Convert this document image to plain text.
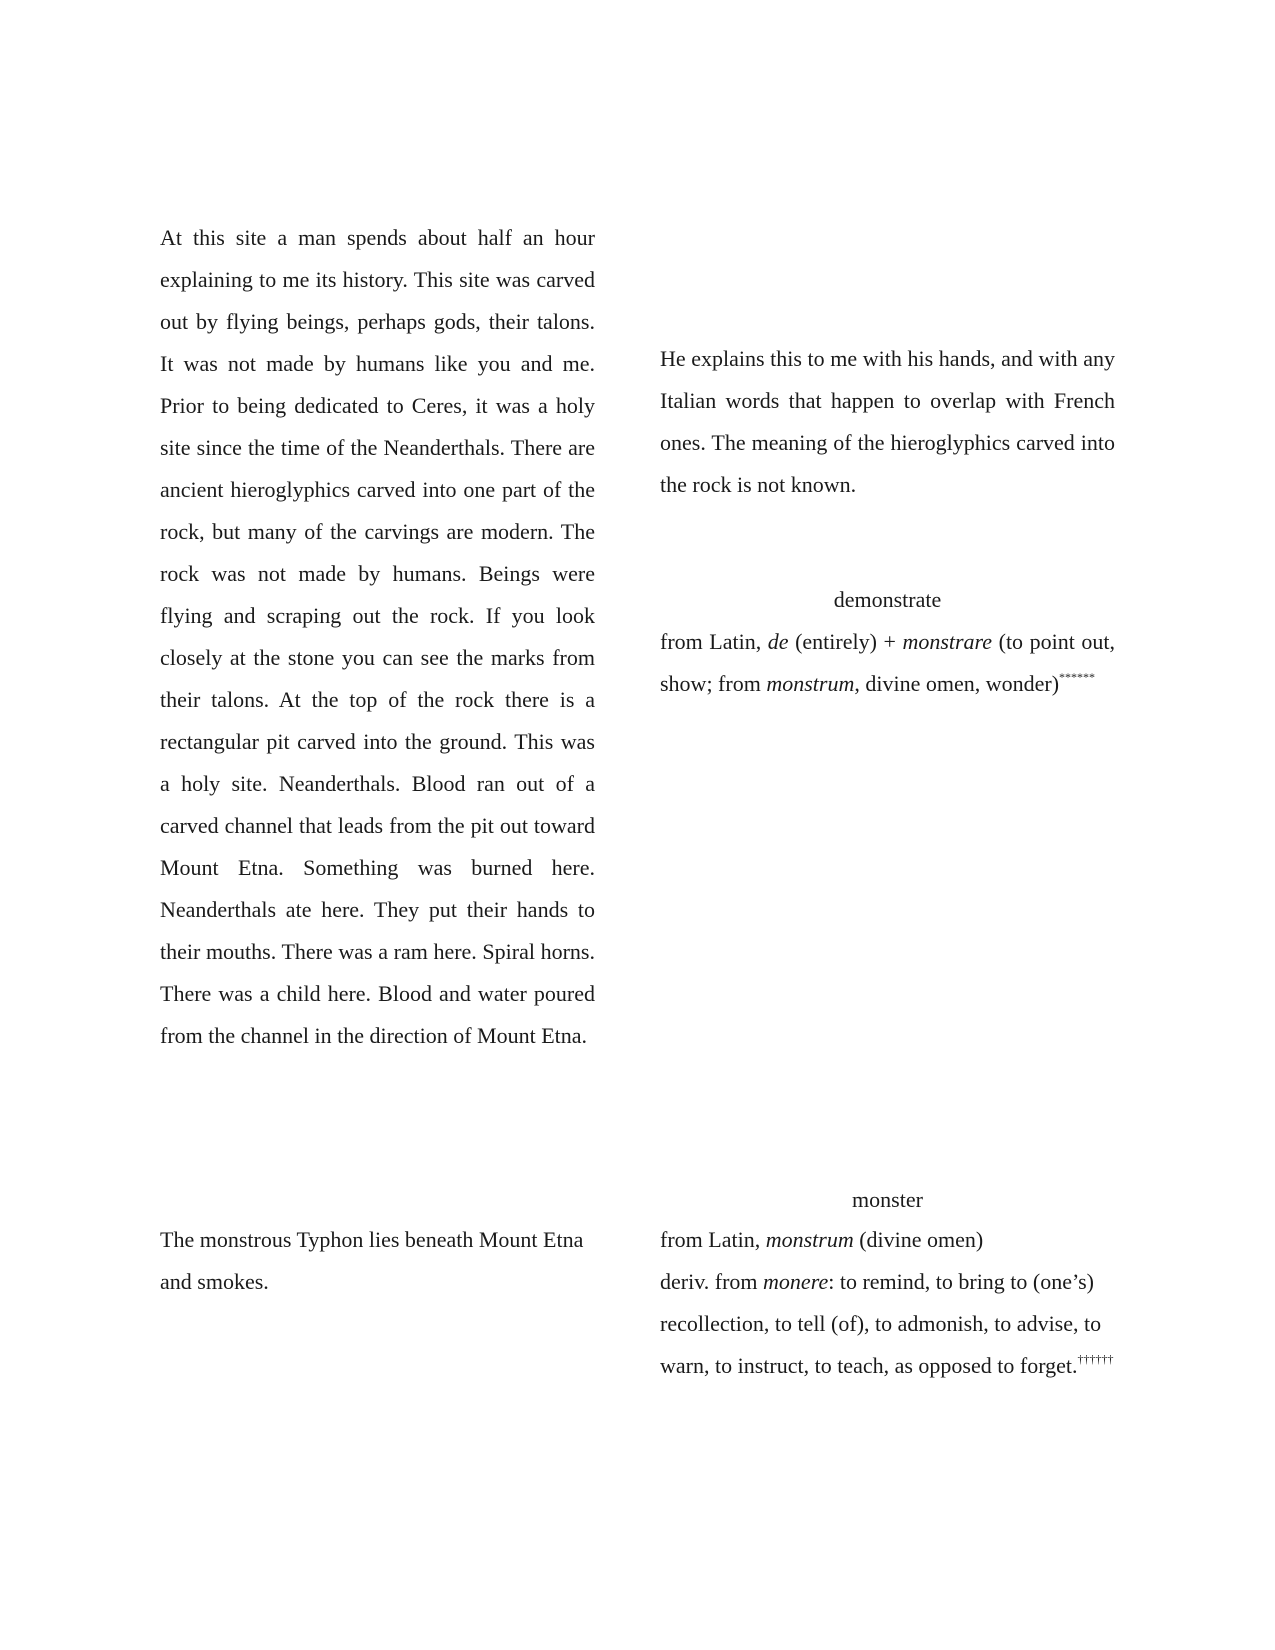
At this site a man spends about half an hour explaining to me its history. This site was carved out by flying beings, perhaps gods, their talons. It was not made by humans like you and me. Prior to being dedicated to Ceres, it was a holy site since the time of the Neanderthals. There are ancient hieroglyphics carved into one part of the rock, but many of the carvings are modern. The rock was not made by humans. Beings were flying and scraping out the rock. If you look closely at the stone you can see the marks from their talons. At the top of the rock there is a rectangular pit carved into the ground. This was a holy site. Neanderthals. Blood ran out of a carved channel that leads from the pit out toward Mount Etna. Something was burned here. Neanderthals ate here. They put their hands to their mouths. There was a ram here. Spiral horns. There was a child here. Blood and water poured from the channel in the direction of Mount Etna.
The monstrous Typhon lies beneath Mount Etna and smokes.
He explains this to me with his hands, and with any Italian words that happen to overlap with French ones. The meaning of the hieroglyphics carved into the rock is not known.
demonstrate
from Latin, de (entirely) + monstrare (to point out, show; from monstrum, divine omen, wonder)******
monster
from Latin, monstrum (divine omen)
deriv. from monere: to remind, to bring to (one’s) recollection, to tell (of), to admonish, to advise, to warn, to instruct, to teach, as opposed to forget.††††††
